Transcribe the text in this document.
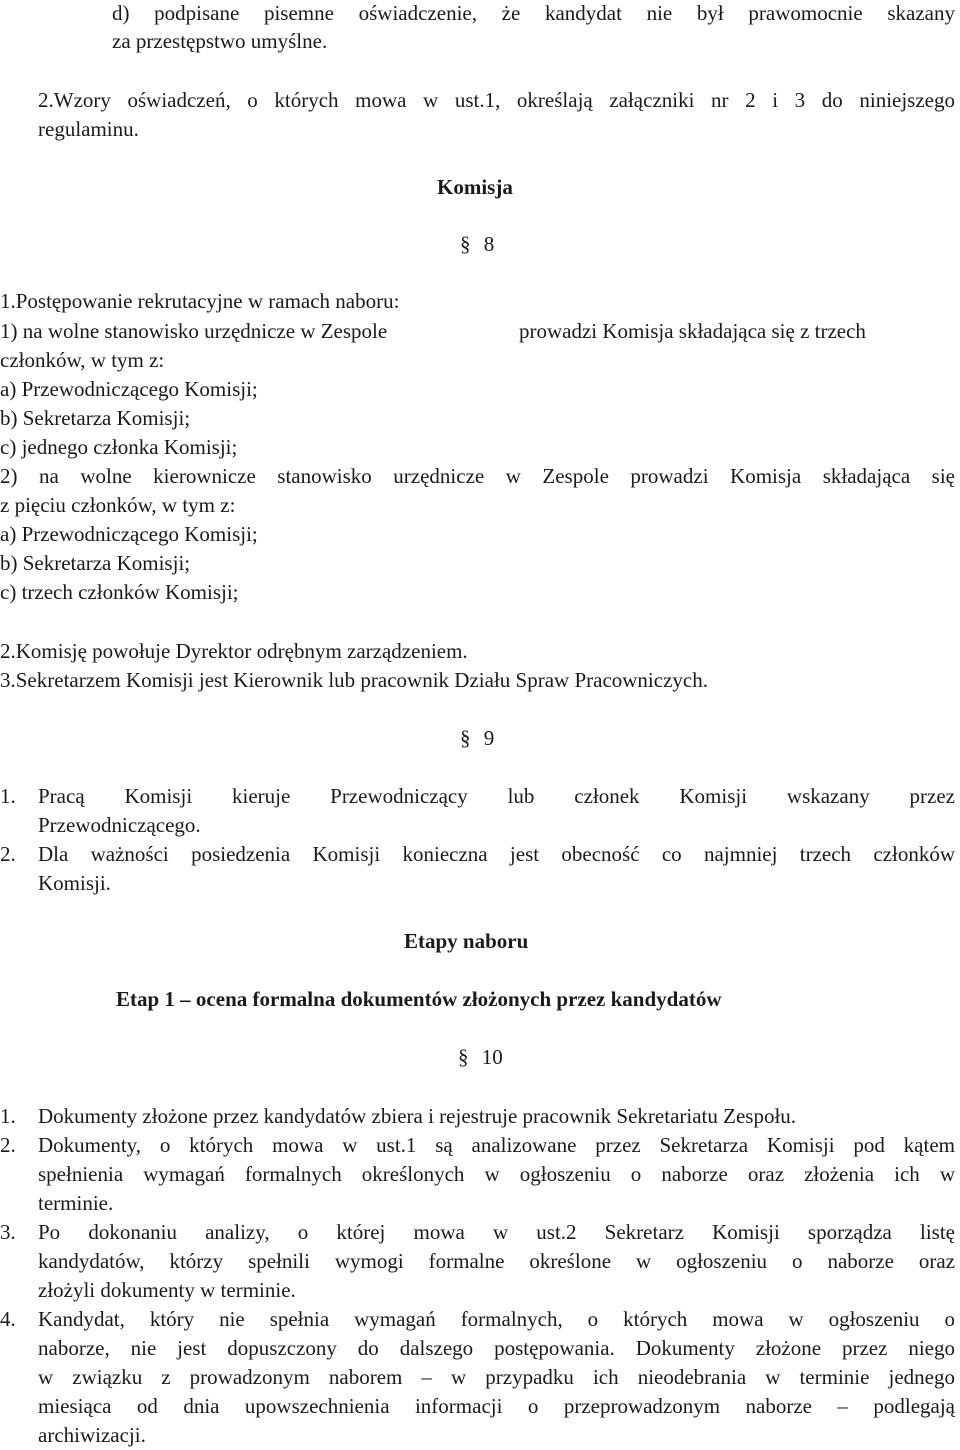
d) podpisane pisemne oświadczenie, że kandydat nie był prawomocnie skazany
za przestępstwo umyślne.
2.Wzory oświadczeń, o których mowa w ust.1, określają załączniki nr 2 i 3 do niniejszego
regulaminu.
Komisja
§ 8
1.Postępowanie rekrutacyjne w ramach naboru:
1) na wolne stanowisko urzędnicze w Zespole	prowadzi Komisja składająca się z trzech
członków, w tym z:
a) Przewodniczącego Komisji;
b) Sekretarza Komisji;
c) jednego członka Komisji;
2) na wolne kierownicze stanowisko urzędnicze w Zespole prowadzi Komisja składająca się
z pięciu członków, w tym z:
a) Przewodniczącego Komisji;
b) Sekretarza Komisji;
c) trzech członków Komisji;
2.Komisję powołuje Dyrektor odrębnym zarządzeniem.
3.Sekretarzem Komisji jest Kierownik lub pracownik Działu Spraw Pracowniczych.
§ 9
1. Pracą Komisji kieruje Przewodniczący lub członek Komisji wskazany przez
Przewodniczącego.
2. Dla ważności posiedzenia Komisji konieczna jest obecność co najmniej trzech członków
Komisji.
Etapy naboru
Etap 1 – ocena formalna dokumentów złożonych przez kandydatów
§ 10
1. Dokumenty złożone przez kandydatów zbiera i rejestruje pracownik Sekretariatu Zespołu.
2. Dokumenty, o których mowa w ust.1 są analizowane przez Sekretarza Komisji pod kątem
spełnienia wymagań formalnych określonych w ogłoszeniu o naborze oraz złożenia ich w
terminie.
3. Po dokonaniu analizy, o której mowa w ust.2 Sekretarz Komisji sporządza listę
kandydatów, którzy spełnili wymogi formalne określone w ogłoszeniu o naborze oraz
złożyli dokumenty w terminie.
4. Kandydat, który nie spełnia wymagań formalnych, o których mowa w ogłoszeniu o
naborze, nie jest dopuszczony do dalszego postępowania. Dokumenty złożone przez niego
w związku z prowadzonym naborem – w przypadku ich nieodebrania w terminie jednego
miesiąca od dnia upowszechnienia informacji o przeprowadzonym naborze – podlegają
archiwizacji.
